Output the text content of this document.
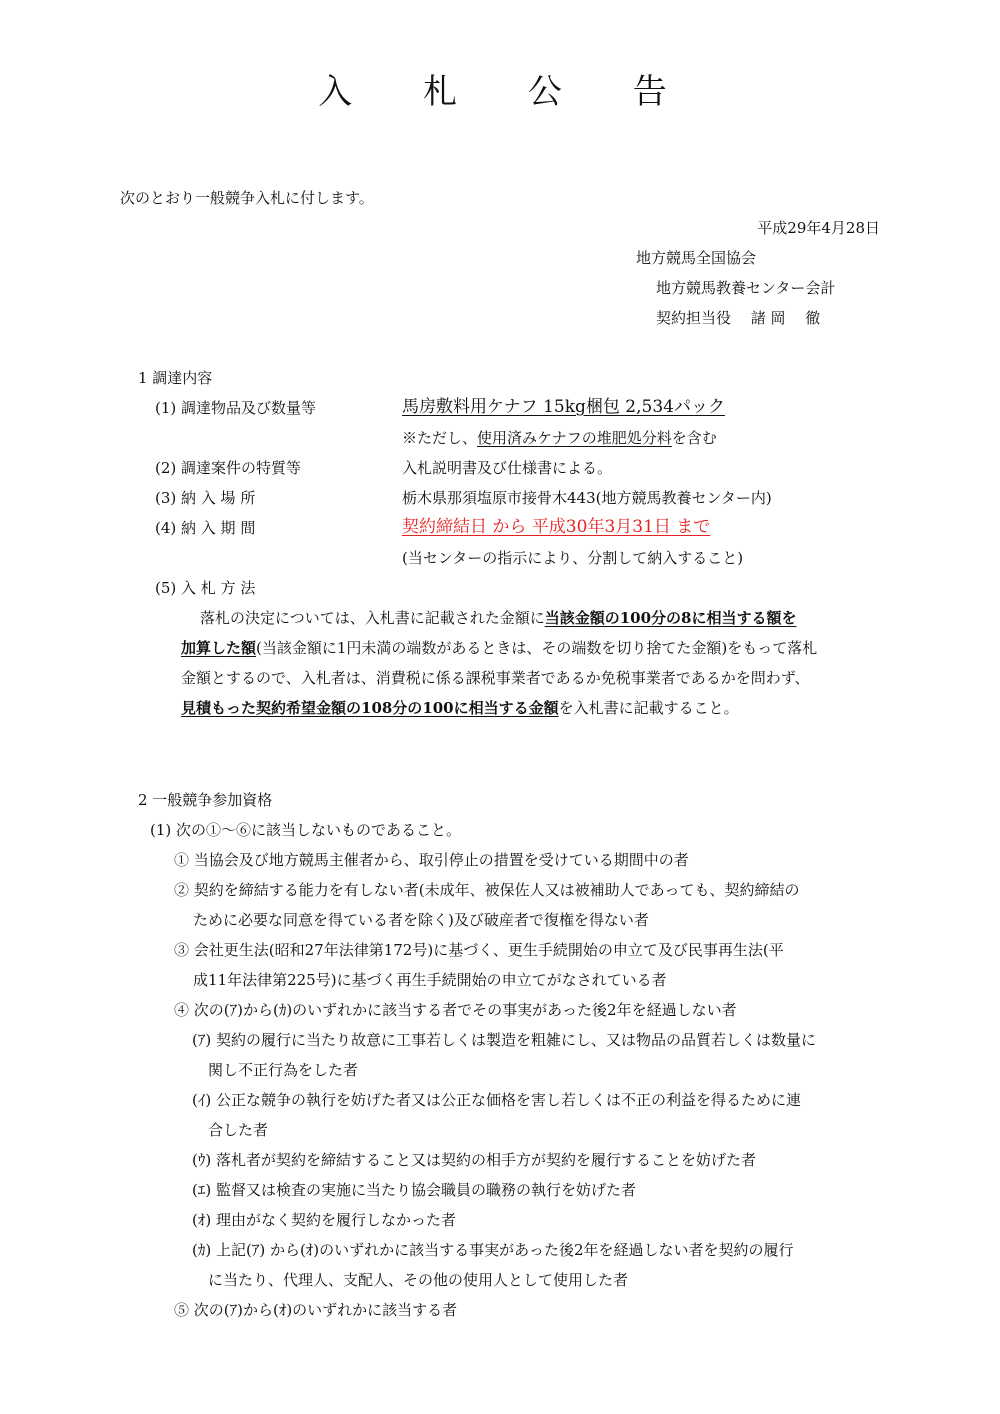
入 札 公 告
次のとおり一般競争入札に付します。
平成29年4月28日
地方競馬全国協会
地方競馬教養センター会計
契約担当役　 諸 岡　 徹
1 調達内容
(1) 調達物品及び数量等	馬房敷料用ケナフ 15kg梱包 2,534パック
※ただし、使用済みケナフの堆肥処分料を含む
(2) 調達案件の特質等	入札説明書及び仕様書による。
(3) 納 入 場 所	栃木県那須塩原市接骨木443(地方競馬教養センター内)
(4) 納 入 期 間	契約締結日 から 平成30年3月31日 まで
(当センターの指示により、分割して納入すること)
(5) 入 札 方 法
落札の決定については、入札書に記載された金額に当該金額の100分の8に相当する額を
加算した額(当該金額に1円未満の端数があるときは、その端数を切り捨てた金額)をもって落札
金額とするので、入札者は、消費税に係る課税事業者であるか免税事業者であるかを問わず、
見積もった契約希望金額の108分の100に相当する金額を入札書に記載すること。
2 一般競争参加資格
(1) 次の①～⑥に該当しないものであること。
① 当協会及び地方競馬主催者から、取引停止の措置を受けている期間中の者
② 契約を締結する能力を有しない者(未成年、被保佐人又は被補助人であっても、契約締結の
ために必要な同意を得ている者を除く)及び破産者で復権を得ない者
③ 会社更生法(昭和27年法律第172号)に基づく、更生手続開始の申立て及び民事再生法(平
成11年法律第225号)に基づく再生手続開始の申立てがなされている者
④ 次の(ｱ)から(ｶ)のいずれかに該当する者でその事実があった後2年を経過しない者
(ｱ) 契約の履行に当たり故意に工事若しくは製造を粗雑にし、又は物品の品質若しくは数量に
関し不正行為をした者
(ｲ) 公正な競争の執行を妨げた者又は公正な価格を害し若しくは不正の利益を得るために連
合した者
(ｳ) 落札者が契約を締結すること又は契約の相手方が契約を履行することを妨げた者
(ｴ) 監督又は検査の実施に当たり協会職員の職務の執行を妨げた者
(ｵ) 理由がなく契約を履行しなかった者
(ｶ) 上記(ｱ) から(ｵ)のいずれかに該当する事実があった後2年を経過しない者を契約の履行
に当たり、代理人、支配人、その他の使用人として使用した者
⑤ 次の(ｱ)から(ｵ)のいずれかに該当する者
